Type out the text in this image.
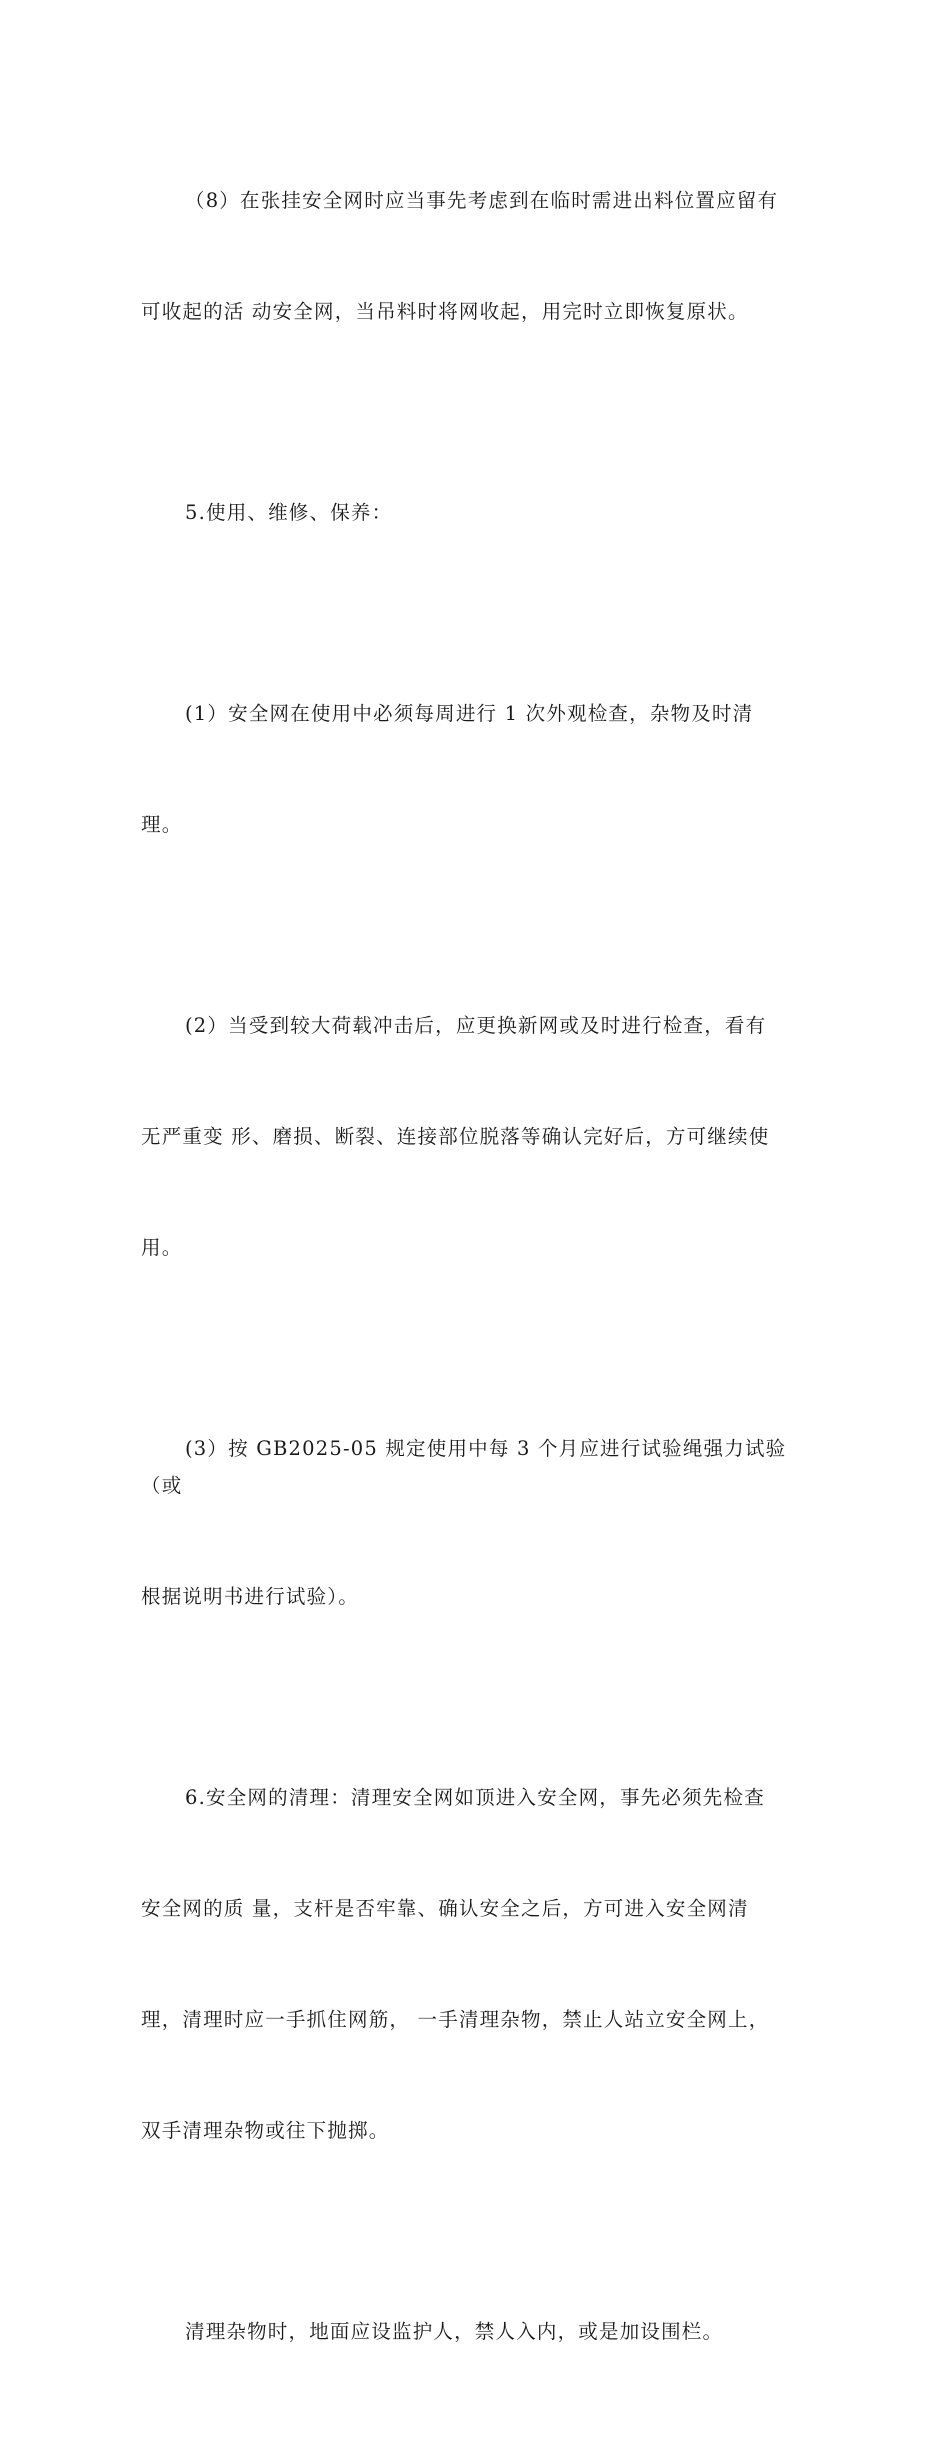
（8）在张挂安全网时应当事先考虑到在临时需进出料位置应留有

可收起的活 动安全网，当吊料时将网收起，用完时立即恢复原状。

5.使用、维修、保养：

(1）安全网在使用中必须每周进行 1 次外观检查，杂物及时清

理。

(2）当受到较大荷载冲击后，应更换新网或及时进行检查，看有

无严重变 形、磨损、断裂、连接部位脱落等确认完好后，方可继续使

用。

(3）按 GB2025-05 规定使用中每 3 个月应进行试验绳强力试验（或

根据说明书进行试验）。

6.安全网的清理：清理安全网如顶进入安全网，事先必须先检查

安全网的质 量，支杆是否牢靠、确认安全之后，方可进入安全网清

理，清理时应一手抓住网筋， 一手清理杂物，禁止人站立安全网上，

双手清理杂物或往下抛掷。

清理杂物时，地面应设监护人，禁人入内，或是加设围栏。
